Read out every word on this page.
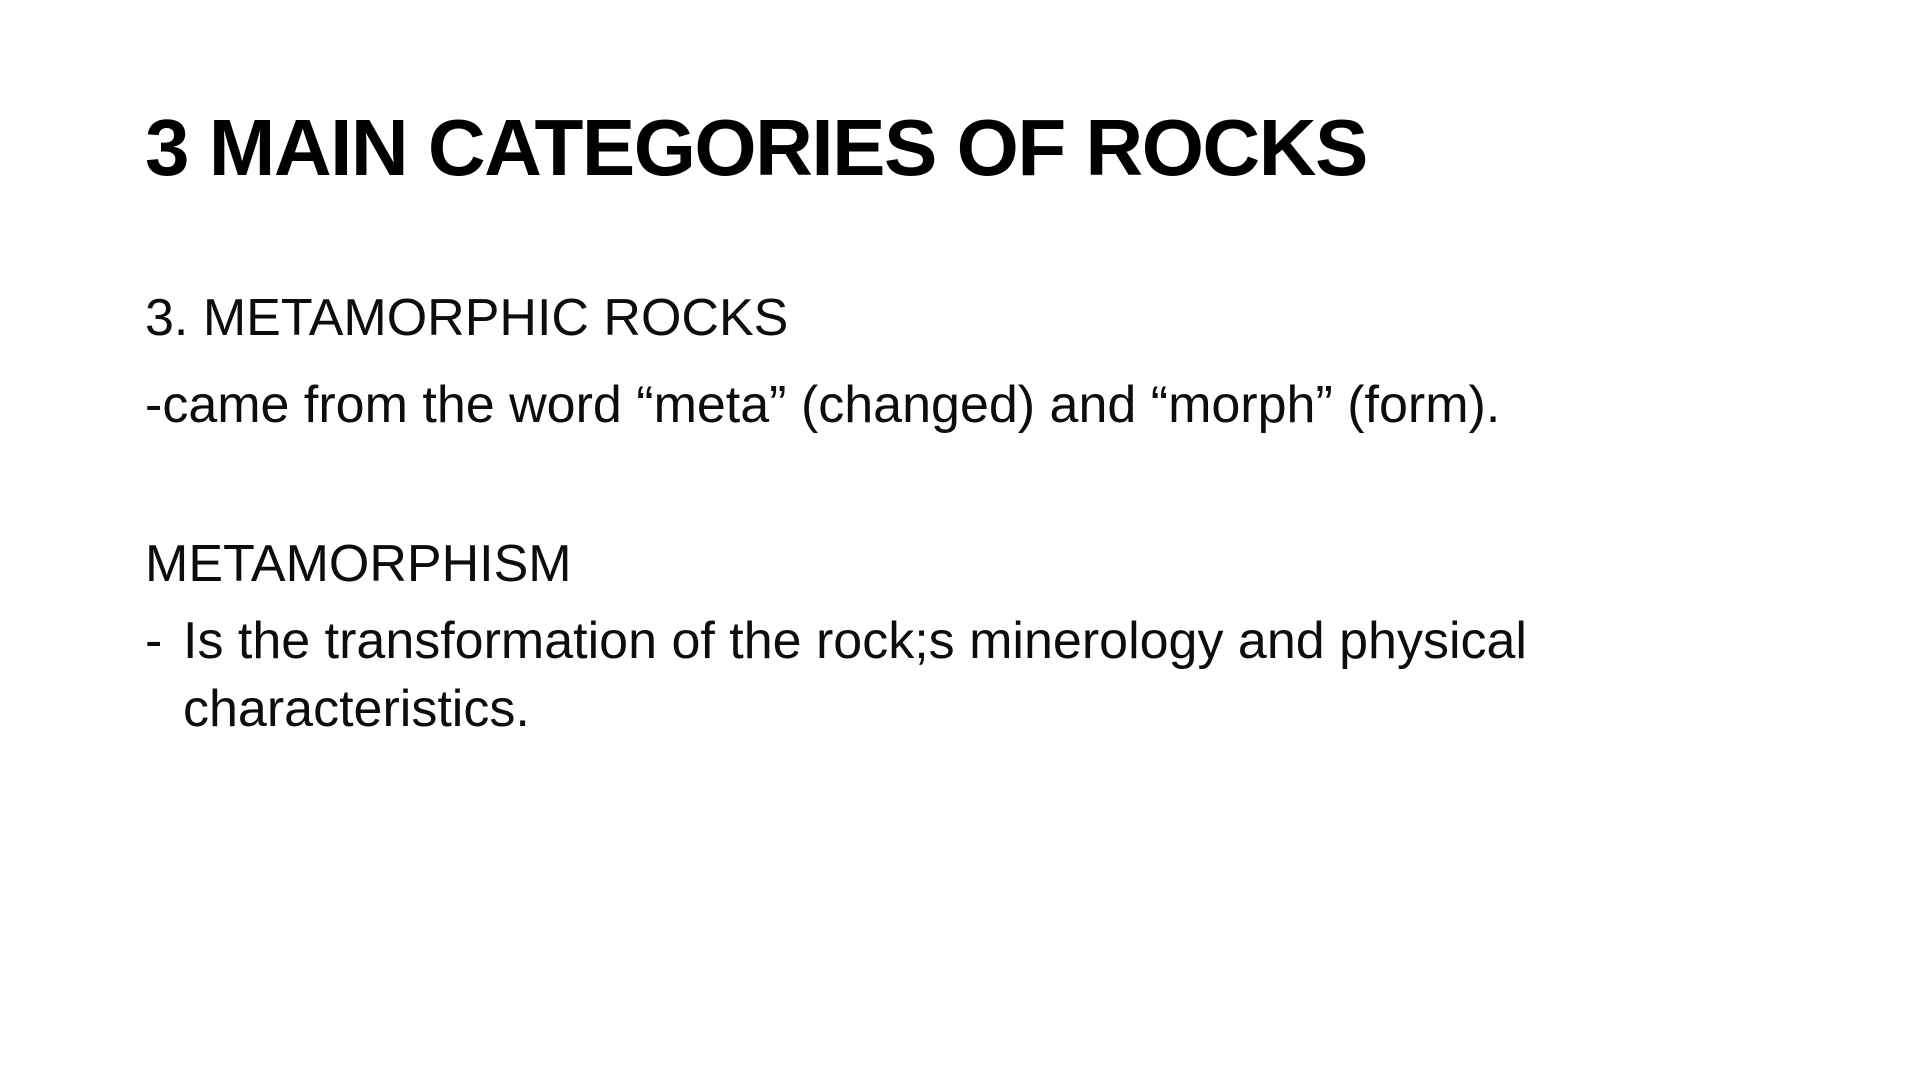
3 MAIN CATEGORIES OF ROCKS
3. METAMORPHIC ROCKS
-came from the word “meta” (changed) and “morph” (form).
METAMORPHISM
- Is the transformation of the rock;s minerology and physical characteristics.
